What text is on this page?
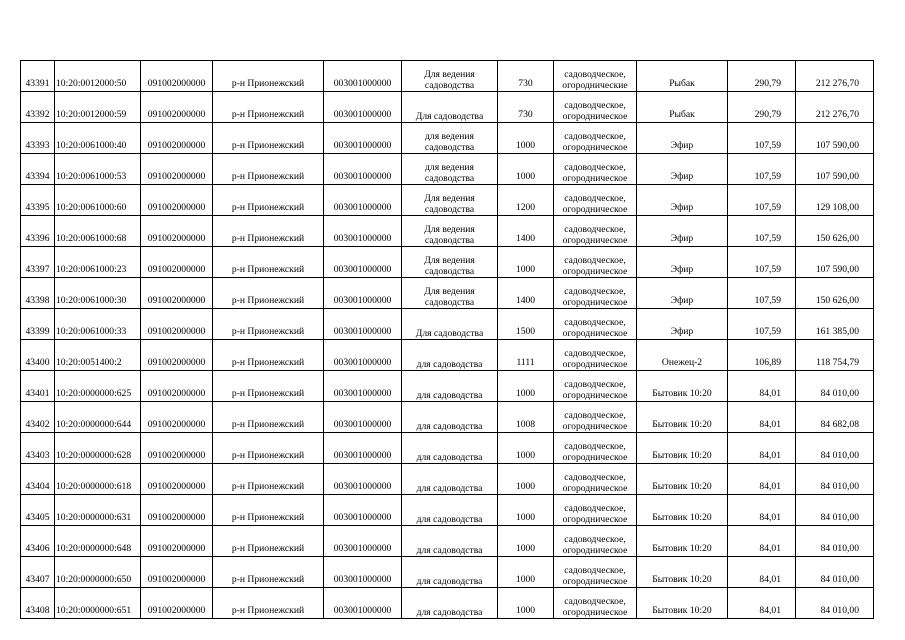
43391	10:20:0012000:50	091002000000	р-н Прионежский	003001000000	Для ведения садоводства	730	садоводческое, огороднические	Рыбак	290,79	212 276,70
43392	10:20:0012000:59	091002000000	р-н Прионежский	003001000000	Для садоводства	730	садоводческое, огородническое	Рыбак	290,79	212 276,70
43393	10:20:0061000:40	091002000000	р-н Прионежский	003001000000	для ведения садоводства	1000	садоводческое, огородническое	Эфир	107,59	107 590,00
43394	10:20:0061000:53	091002000000	р-н Прионежский	003001000000	для ведения садоводства	1000	садоводческое, огородническое	Эфир	107,59	107 590,00
43395	10:20:0061000:60	091002000000	р-н Прионежский	003001000000	Для ведения садоводства	1200	садоводческое, огородническое	Эфир	107,59	129 108,00
43396	10:20:0061000:68	091002000000	р-н Прионежский	003001000000	Для ведения садоводства	1400	садоводческое, огородническое	Эфир	107,59	150 626,00
43397	10:20:0061000:23	091002000000	р-н Прионежский	003001000000	Для ведения садоводства	1000	садоводческое, огородническое	Эфир	107,59	107 590,00
43398	10:20:0061000:30	091002000000	р-н Прионежский	003001000000	Для ведения садоводства	1400	садоводческое, огородническое	Эфир	107,59	150 626,00
43399	10:20:0061000:33	091002000000	р-н Прионежский	003001000000	Для садоводства	1500	садоводческое, огородническое	Эфир	107,59	161 385,00
43400	10:20:0051400:2	091002000000	р-н Прионежский	003001000000	для садоводства	1111	садоводческое, огородническое	Онежец-2	106,89	118 754,79
43401	10:20:0000000:625	091002000000	р-н Прионежский	003001000000	для садоводства	1000	садоводческое, огородническое	Бытовик 10:20	84,01	84 010,00
43402	10:20:0000000:644	091002000000	р-н Прионежский	003001000000	для садоводства	1008	садоводческое, огородническое	Бытовик 10:20	84,01	84 682,08
43403	10:20:0000000:628	091002000000	р-н Прионежский	003001000000	для садоводства	1000	садоводческое, огородническое	Бытовик 10:20	84,01	84 010,00
43404	10:20:0000000:618	091002000000	р-н Прионежский	003001000000	для садоводства	1000	садоводческое, огородническое	Бытовик 10:20	84,01	84 010,00
43405	10:20:0000000:631	091002000000	р-н Прионежский	003001000000	для садоводства	1000	садоводческое, огородническое	Бытовик 10:20	84,01	84 010,00
43406	10:20:0000000:648	091002000000	р-н Прионежский	003001000000	для садоводства	1000	садоводческое, огородническое	Бытовик 10:20	84,01	84 010,00
43407	10:20:0000000:650	091002000000	р-н Прионежский	003001000000	для садоводства	1000	садоводческое, огородническое	Бытовик 10:20	84,01	84 010,00
43408	10:20:0000000:651	091002000000	р-н Прионежский	003001000000	для садоводства	1000	садоводческое, огородническое	Бытовик 10:20	84,01	84 010,00
